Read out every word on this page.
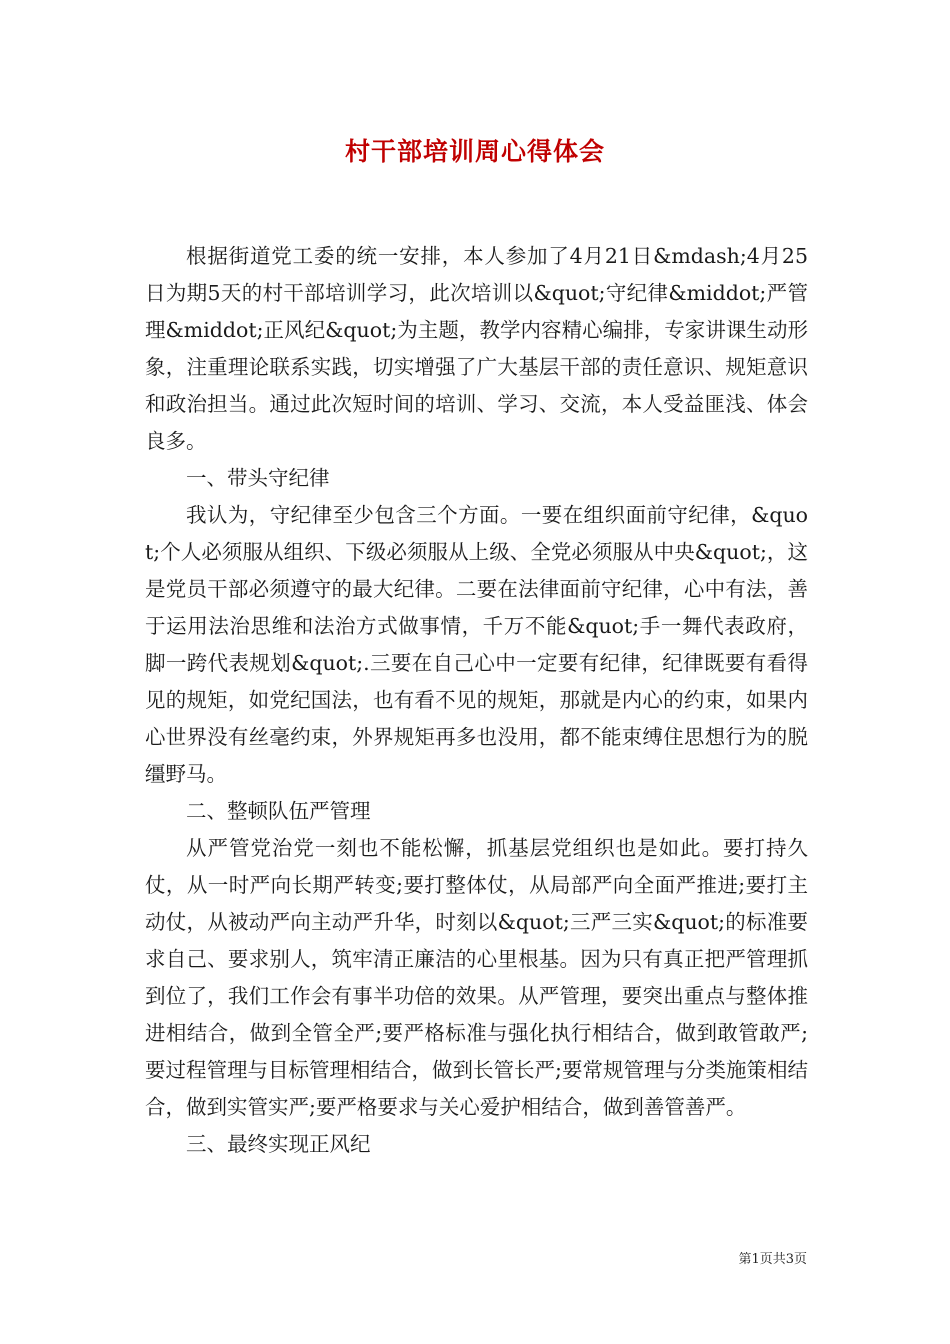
村干部培训周心得体会

根据街道党工委的统一安排，本人参加了4月21日&mdash;4月25日为期5天的村干部培训学习，此次培训以&quot;守纪律&middot;严管理&middot;正风纪&quot;为主题，教学内容精心编排，专家讲课生动形象，注重理论联系实践，切实增强了广大基层干部的责任意识、规矩意识和政治担当。通过此次短时间的培训、学习、交流，本人受益匪浅、体会良多。

一、带头守纪律

我认为，守纪律至少包含三个方面。一要在组织面前守纪律，&quot;个人必须服从组织、下级必须服从上级、全党必须服从中央&quot;，这是党员干部必须遵守的最大纪律。二要在法律面前守纪律，心中有法，善于运用法治思维和法治方式做事情，千万不能&quot;手一舞代表政府，脚一跨代表规划&quot;.三要在自己心中一定要有纪律，纪律既要有看得见的规矩，如党纪国法，也有看不见的规矩，那就是内心的约束，如果内心世界没有丝毫约束，外界规矩再多也没用，都不能束缚住思想行为的脱缰野马。

二、整顿队伍严管理

从严管党治党一刻也不能松懈，抓基层党组织也是如此。要打持久仗，从一时严向长期严转变;要打整体仗，从局部严向全面严推进;要打主动仗，从被动严向主动严升华，时刻以&quot;三严三实&quot;的标准要求自己、要求别人，筑牢清正廉洁的心里根基。因为只有真正把严管理抓到位了，我们工作会有事半功倍的效果。从严管理，要突出重点与整体推进相结合，做到全管全严;要严格标准与强化执行相结合，做到敢管敢严;要过程管理与目标管理相结合，做到长管长严;要常规管理与分类施策相结合，做到实管实严;要严格要求与关心爱护相结合，做到善管善严。

三、最终实现正风纪

第1页共3页
